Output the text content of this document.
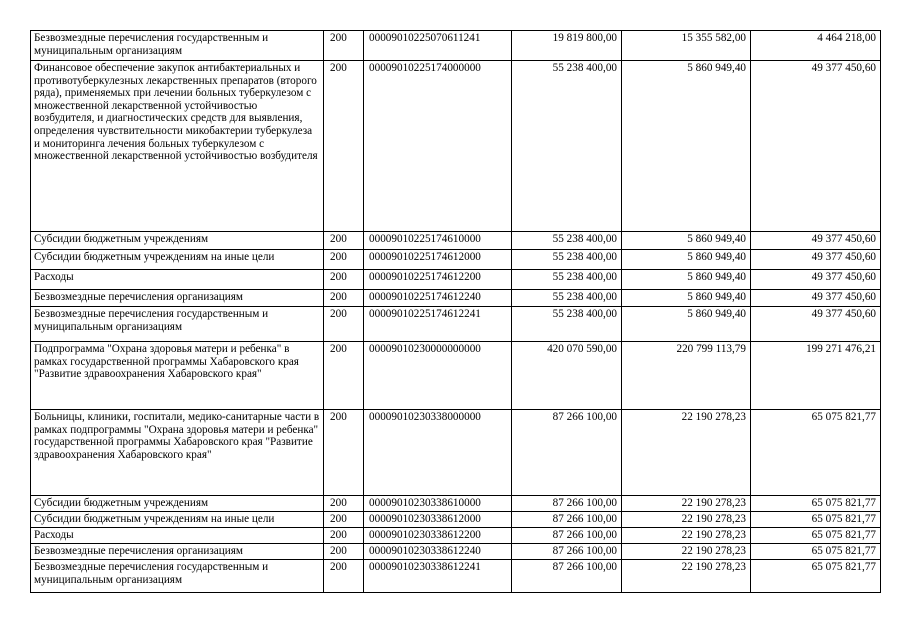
Безвозмездные перечисления государственным и муниципальным организациям	200	00009010225070611241	19 819 800,00	15 355 582,00	4 464 218,00
Финансовое обеспечение закупок антибактериальных и противотуберкулезных лекарственных препаратов (второго ряда), применяемых при лечении больных туберкулезом с множественной лекарственной устойчивостью возбудителя, и диагностических средств для выявления, определения чувствительности микобактерии туберкулеза и мониторинга лечения больных туберкулезом с множественной лекарственной устойчивостью возбудителя	200	00009010225174000000	55 238 400,00	5 860 949,40	49 377 450,60
Субсидии бюджетным учреждениям	200	00009010225174610000	55 238 400,00	5 860 949,40	49 377 450,60
Субсидии бюджетным учреждениям на иные цели	200	00009010225174612000	55 238 400,00	5 860 949,40	49 377 450,60
Расходы	200	00009010225174612200	55 238 400,00	5 860 949,40	49 377 450,60
Безвозмездные перечисления организациям	200	00009010225174612240	55 238 400,00	5 860 949,40	49 377 450,60
Безвозмездные перечисления государственным и муниципальным организациям	200	00009010225174612241	55 238 400,00	5 860 949,40	49 377 450,60
Подпрограмма "Охрана здоровья матери и ребенка" в рамках государственной программы Хабаровского края "Развитие здравоохранения Хабаровского края"	200	00009010230000000000	420 070 590,00	220 799 113,79	199 271 476,21
Больницы, клиники, госпитали, медико-санитарные части в рамках подпрограммы "Охрана здоровья матери и ребенка" государственной программы Хабаровского края "Развитие здравоохранения Хабаровского края"	200	00009010230338000000	87 266 100,00	22 190 278,23	65 075 821,77
Субсидии бюджетным учреждениям	200	00009010230338610000	87 266 100,00	22 190 278,23	65 075 821,77
Субсидии бюджетным учреждениям на иные цели	200	00009010230338612000	87 266 100,00	22 190 278,23	65 075 821,77
Расходы	200	00009010230338612200	87 266 100,00	22 190 278,23	65 075 821,77
Безвозмездные перечисления организациям	200	00009010230338612240	87 266 100,00	22 190 278,23	65 075 821,77
Безвозмездные перечисления государственным и муниципальным организациям	200	00009010230338612241	87 266 100,00	22 190 278,23	65 075 821,77
